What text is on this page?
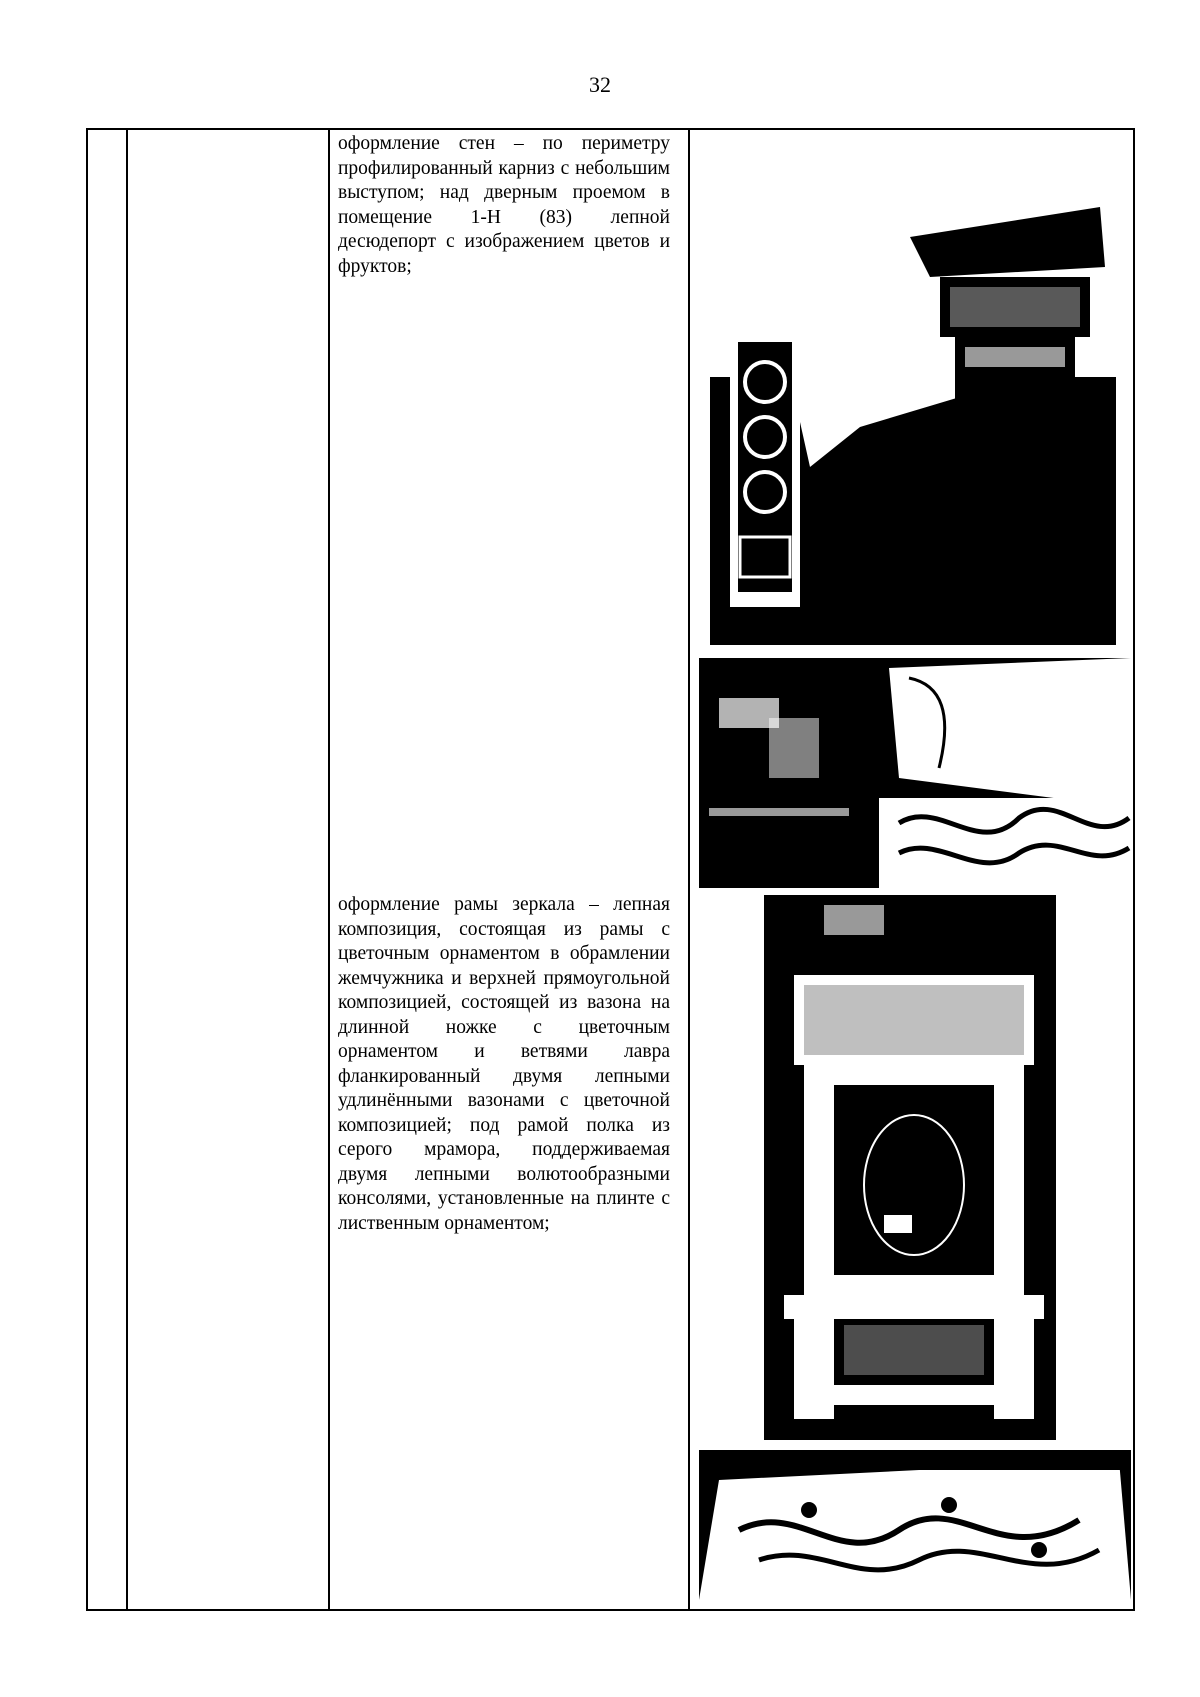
32
оформление стен – по периметру профилированный карниз с небольшим выступом; над дверным проемом в помещение 1-Н (83) лепной десюдепорт с изображением цветов и фруктов;
оформление рамы зеркала – лепная композиция, состоящая из рамы с цветочным орнаментом в обрамлении жемчужника и верхней прямоугольной композицией, состоящей из вазона на длинной ножке с цветочным орнаментом и ветвями лавра фланкированный двумя лепными удлинёнными вазонами с цветочной композицией; под рамой полка из серого мрамора, поддерживаемая двумя лепными волютообразными консолями, установленные на плинте с лиственным орнаментом;
